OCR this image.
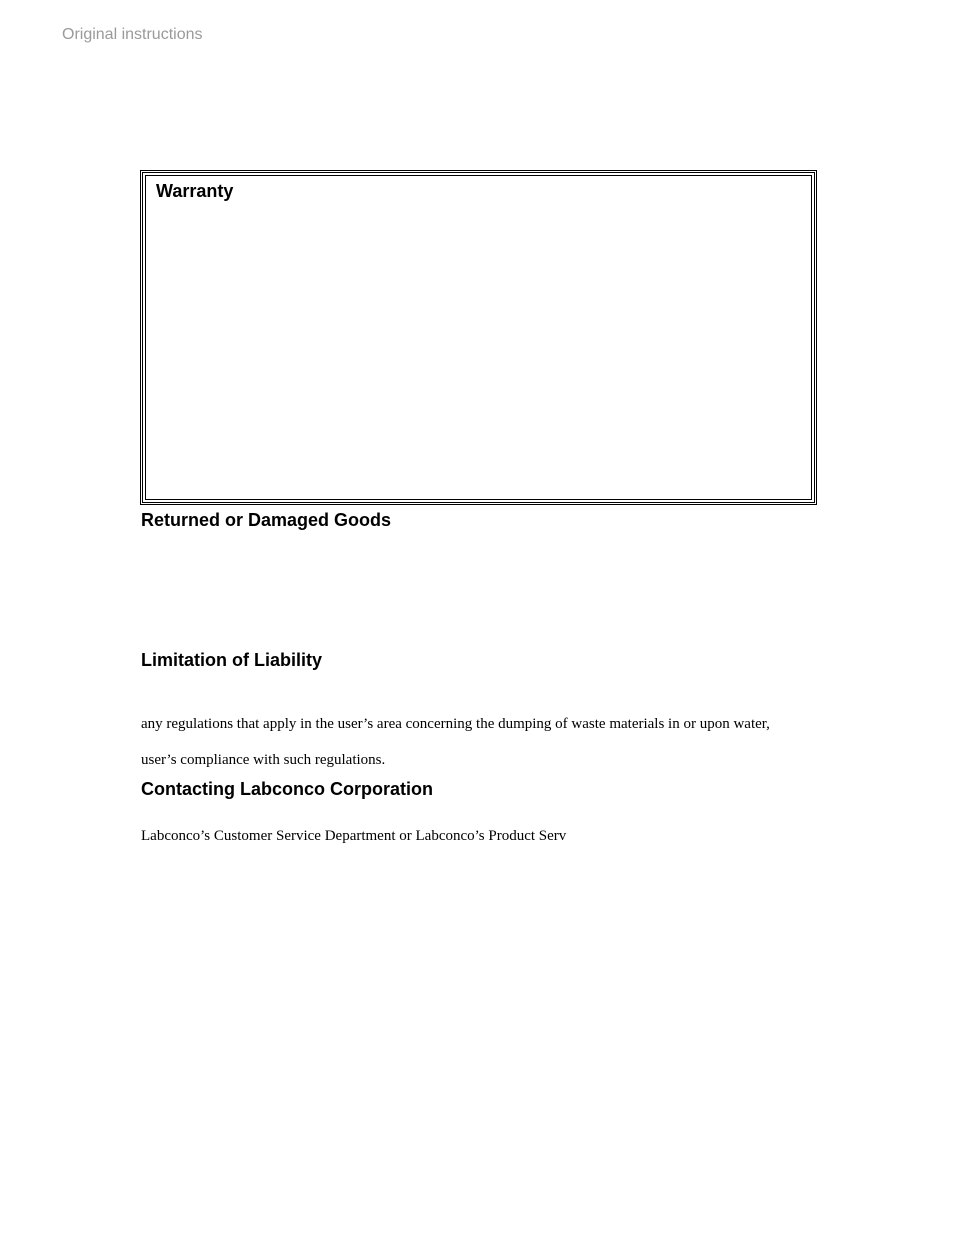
Original instructions
Warranty
Returned or Damaged Goods
Limitation of Liability
any regulations that apply in the user’s area concerning the dumping of waste materials in or upon water,
user’s compliance with such regulations.
Contacting Labconco Corporation
Labconco’s Customer Service Department or Labconco’s Product Serv
